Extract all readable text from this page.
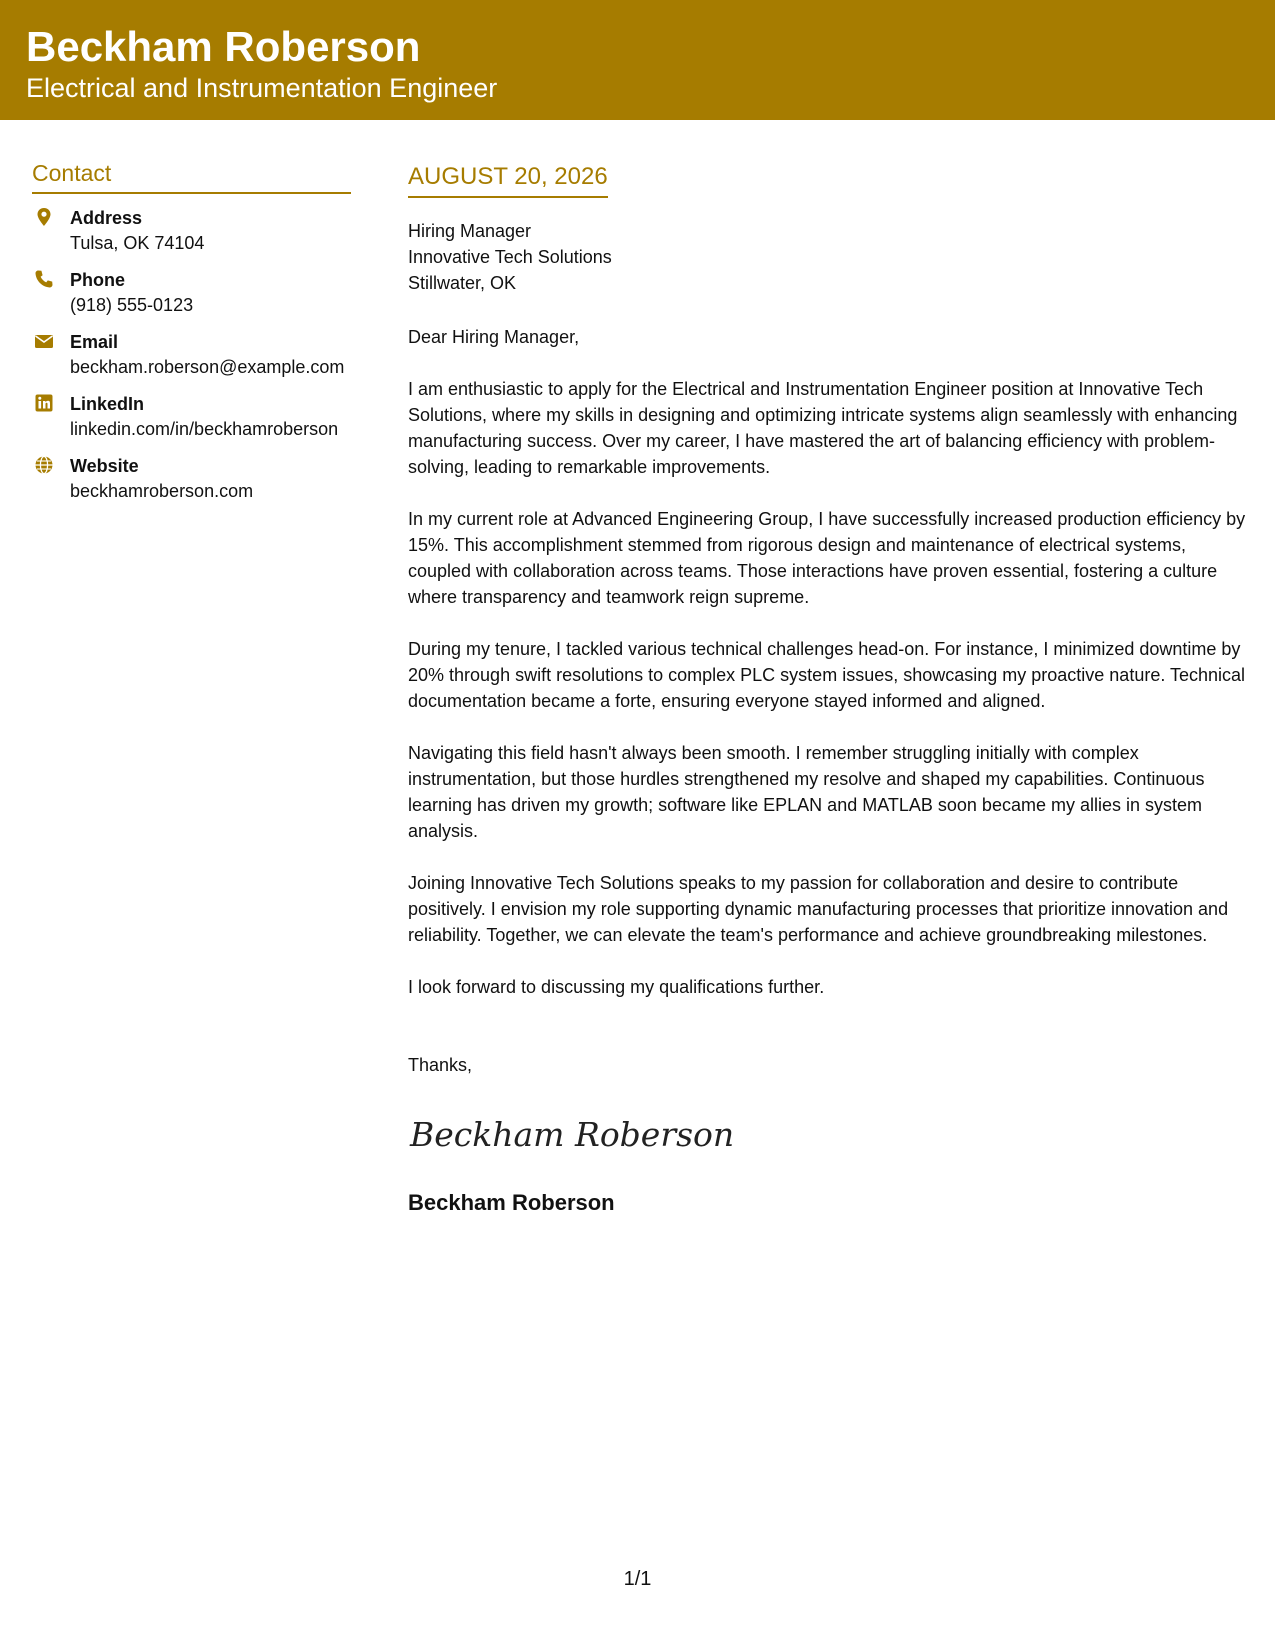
Beckham Roberson
Electrical and Instrumentation Engineer
Contact
Address
Tulsa, OK 74104
Phone
(918) 555-0123
Email
beckham.roberson@example.com
LinkedIn
linkedin.com/in/beckhamroberson
Website
beckhamroberson.com
AUGUST 20, 2026
Hiring Manager
Innovative Tech Solutions
Stillwater, OK
Dear Hiring Manager,

I am enthusiastic to apply for the Electrical and Instrumentation Engineer position at Innovative Tech Solutions, where my skills in designing and optimizing intricate systems align seamlessly with enhancing manufacturing success. Over my career, I have mastered the art of balancing efficiency with problem-solving, leading to remarkable improvements.

In my current role at Advanced Engineering Group, I have successfully increased production efficiency by 15%. This accomplishment stemmed from rigorous design and maintenance of electrical systems, coupled with collaboration across teams. Those interactions have proven essential, fostering a culture where transparency and teamwork reign supreme.

During my tenure, I tackled various technical challenges head-on. For instance, I minimized downtime by 20% through swift resolutions to complex PLC system issues, showcasing my proactive nature. Technical documentation became a forte, ensuring everyone stayed informed and aligned.

Navigating this field hasn't always been smooth. I remember struggling initially with complex instrumentation, but those hurdles strengthened my resolve and shaped my capabilities. Continuous learning has driven my growth; software like EPLAN and MATLAB soon became my allies in system analysis.

Joining Innovative Tech Solutions speaks to my passion for collaboration and desire to contribute positively. I envision my role supporting dynamic manufacturing processes that prioritize innovation and reliability. Together, we can elevate the team's performance and achieve groundbreaking milestones.

I look forward to discussing my qualifications further.

Thanks,
Beckham Roberson
Beckham Roberson
1/1
